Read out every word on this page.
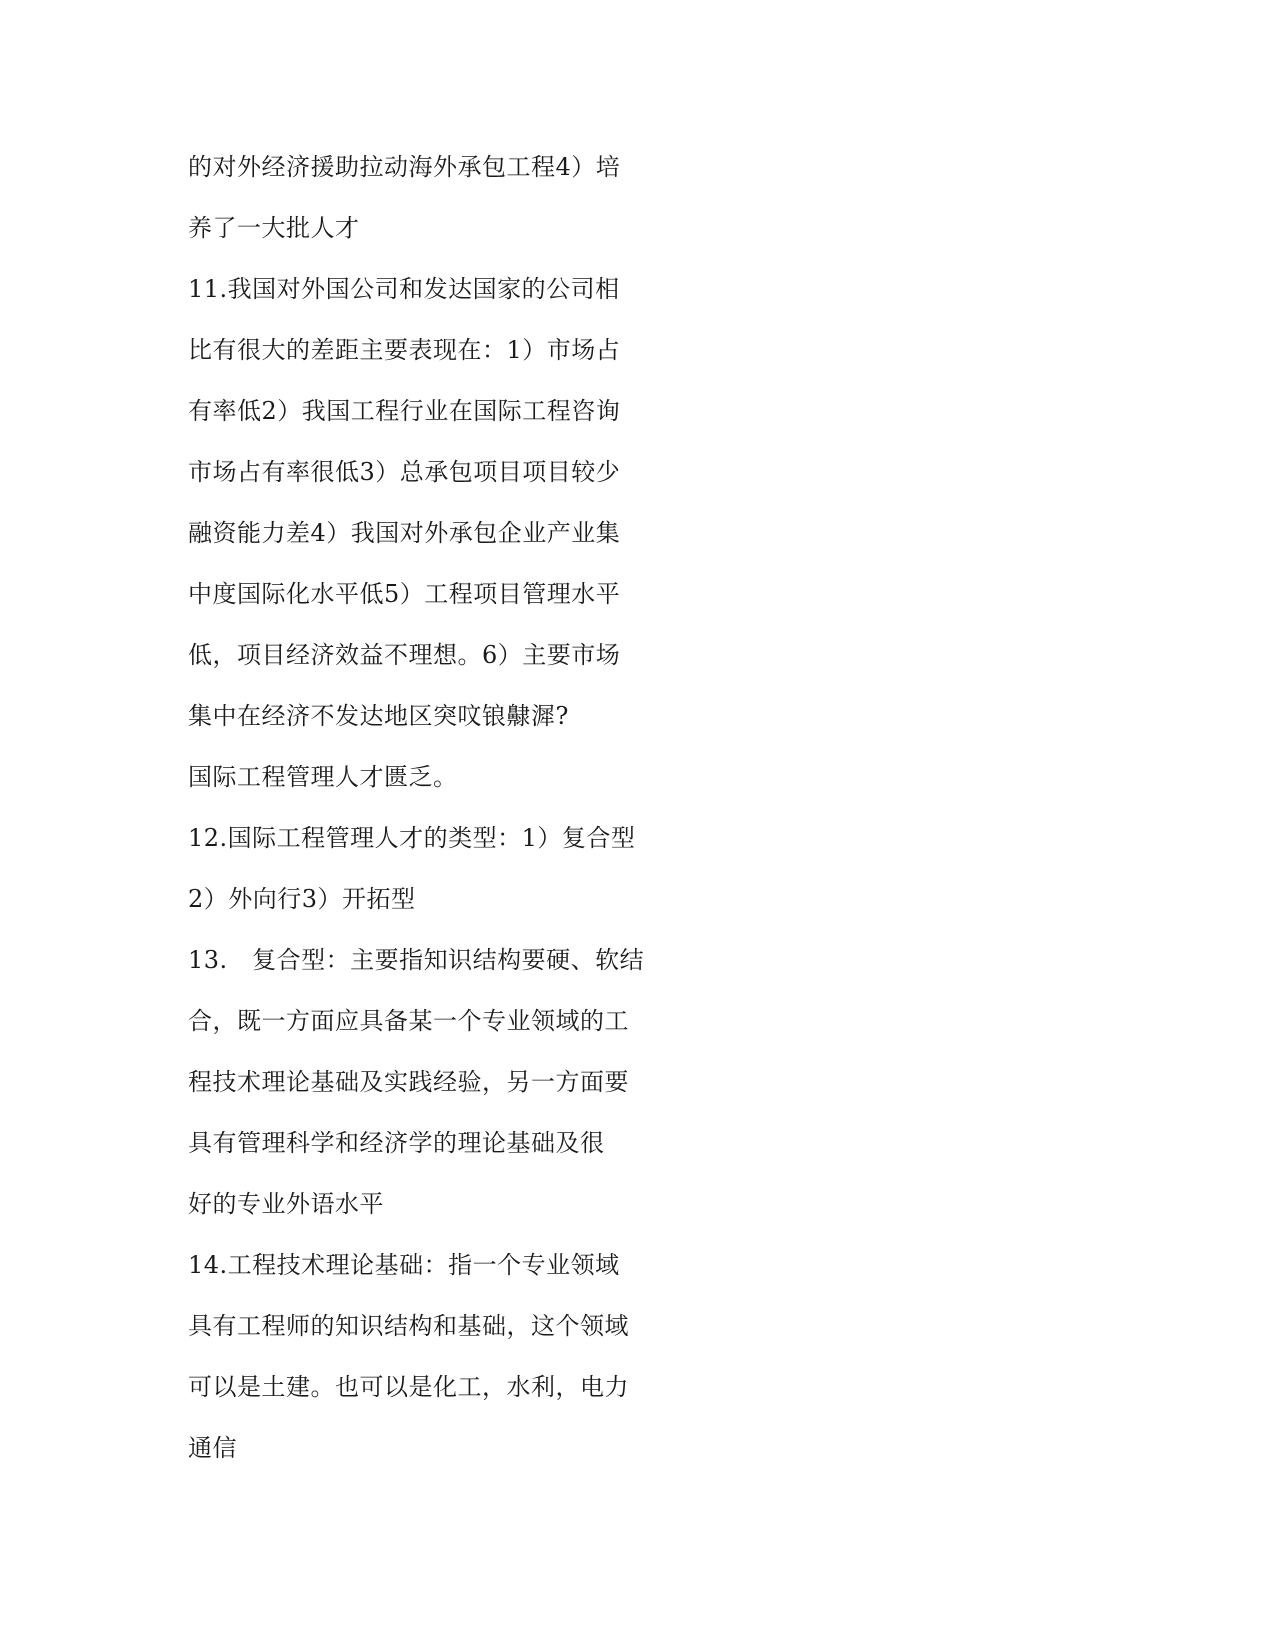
的对外经济援助拉动海外承包工程4）培
养了一大批人才
11.我国对外国公司和发达国家的公司相
比有很大的差距主要表现在：1）市场占
有率低2）我国工程行业在国际工程咨询
市场占有率很低3）总承包项目项目较少
融资能力差4）我国对外承包企业产业集
中度国际化水平低5）工程项目管理水平
低，项目经济效益不理想。6）主要市场
集中在经济不发达地区突呅锒齂漽?
国际工程管理人才匮乏。
12.国际工程管理人才的类型：1）复合型
2）外向行3）开拓型
13.　复合型：主要指知识结构要硬、软结
合，既一方面应具备某一个专业领域的工
程技术理论基础及实践经验，另一方面要
具有管理科学和经济学的理论基础及很
好的专业外语水平
14.工程技术理论基础：指一个专业领域
具有工程师的知识结构和基础，这个领域
可以是土建。也可以是化工，水利，电力
通信
